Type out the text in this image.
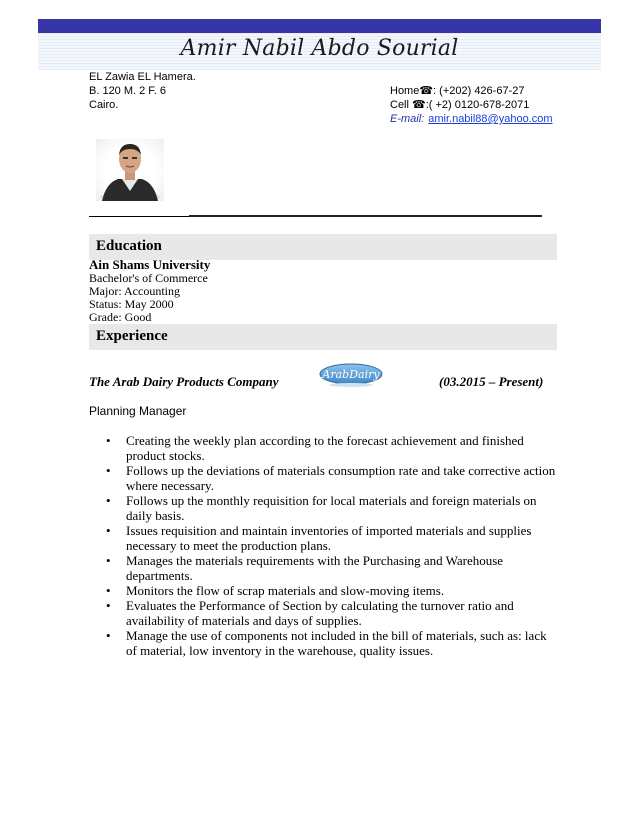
Amir Nabil Abdo Sourial
EL Zawia EL Hamera.
B. 120 M. 2 F. 6
Cairo.
Home☎: (+202) 426-67-27
Cell ☎:( +2) 0120-678-2071
E-mail: amir.nabil88@yahoo.com
Education
Ain Shams University
Bachelor's of Commerce
Major: Accounting
Status: May 2000
Grade: Good
Experience
The Arab Dairy Products Company	ArabDairy	(03.2015 – Present)
Planning Manager
• Creating the weekly plan according to the forecast achievement and finished product stocks.
• Follows up the deviations of materials consumption rate and take corrective action where necessary.
• Follows up the monthly requisition for local materials and foreign materials on daily basis.
• Issues requisition and maintain inventories of imported materials and supplies necessary to meet the production plans.
• Manages the materials requirements with the Purchasing and Warehouse departments.
• Monitors the flow of scrap materials and slow-moving items.
• Evaluates the Performance of Section by calculating the turnover ratio and availability of materials and days of supplies.
• Manage the use of components not included in the bill of materials, such as: lack of material, low inventory in the warehouse, quality issues.
